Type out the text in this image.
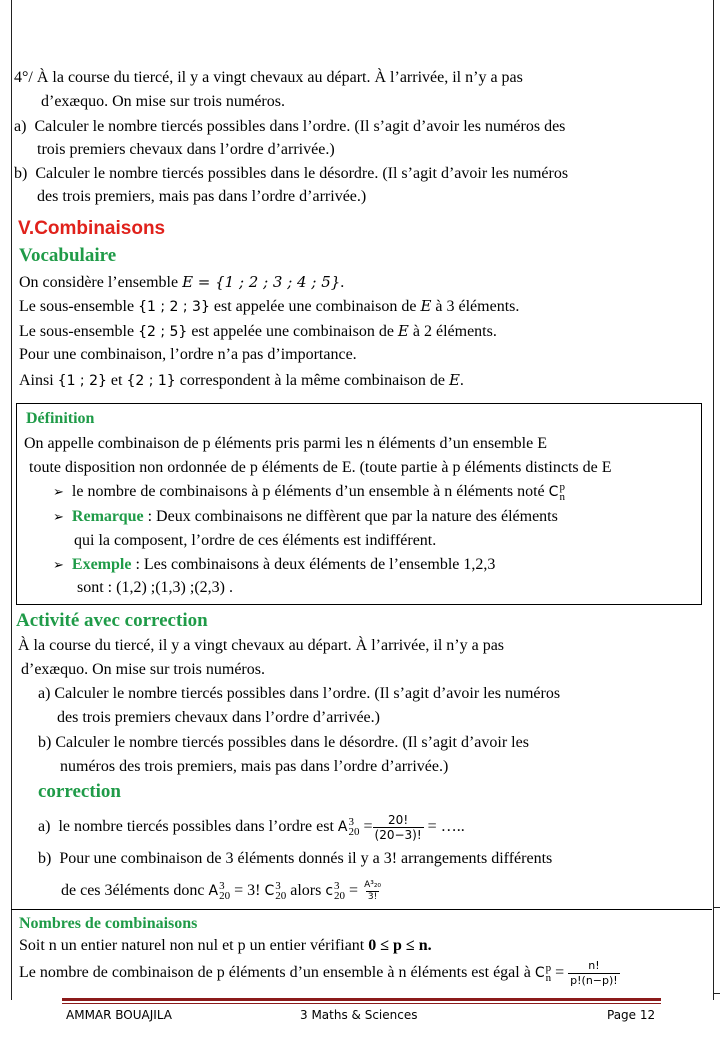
4°/ À la course du tiercé, il y a vingt chevaux au départ. À l’arrivée, il n’y a pas
d’exæquo. On mise sur trois numéros.
a) Calculer le nombre tiercés possibles dans l’ordre. (Il s’agit d’avoir les numéros des
trois premiers chevaux dans l’ordre d’arrivée.)
b) Calculer le nombre tiercés possibles dans le désordre. (Il s’agit d’avoir les numéros
des trois premiers, mais pas dans l’ordre d’arrivée.)
V.Combinaisons
Vocabulaire
On considère l’ensemble 𝐸 = {1 ; 2 ; 3 ; 4 ; 5}.
Le sous-ensemble {1 ; 2 ; 3} est appelée une combinaison de 𝐸 à 3 éléments.
Le sous-ensemble {2 ; 5} est appelée une combinaison de 𝐸 à 2 éléments.
Pour une combinaison, l’ordre n’a pas d’importance.
Ainsi {1 ; 2} et {2 ; 1} correspondent à la même combinaison de 𝐸.
Définition
On appelle combinaison de p éléments pris parmi les n éléments d’un ensemble E
toute disposition non ordonnée de p éléments de E. (toute partie à p éléments distincts de E
➢ le nombre de combinaisons à p éléments d’un ensemble à n éléments noté C p
n
➢ Remarque : Deux combinaisons ne diffèrent que par la nature des éléments
qui la composent, l’ordre de ces éléments est indifférent.
➢ Exemple : Les combinaisons à deux éléments de l’ensemble 1,2,3
sont : (1,2) ;(1,3) ;(2,3) .
Activité avec correction
À la course du tiercé, il y a vingt chevaux au départ. À l’arrivée, il n’y a pas
d’exæquo. On mise sur trois numéros.
a) Calculer le nombre tiercés possibles dans l’ordre. (Il s’agit d’avoir les numéros
des trois premiers chevaux dans l’ordre d’arrivée.)
b) Calculer le nombre tiercés possibles dans le désordre. (Il s’agit d’avoir les
numéros des trois premiers, mais pas dans l’ordre d’arrivée.)
correction
a) le nombre tiercés possibles dans l’ordre est A 3
$20 = \frac{20!}{(20-3)!}$ = …..
b) Pour une combinaison de 3 éléments donnés il y a 3! arrangements différents
de ces 3éléments donc A 3
20 = 3! C 3
20 alors c 3
$20 = \frac{\text{A³₂₀}}{3!}$
Nombres de combinaisons
Soit n un entier naturel non nul et p un entier vérifiant 0 ≤ p ≤ n.
Le nombre de combinaison de p éléments d’un ensemble à n éléments est égal à C p
$n = \frac{n!}{p!(n-p)!}$
AMMAR BOUAJILA	3 Maths & Sciences	Page 12
